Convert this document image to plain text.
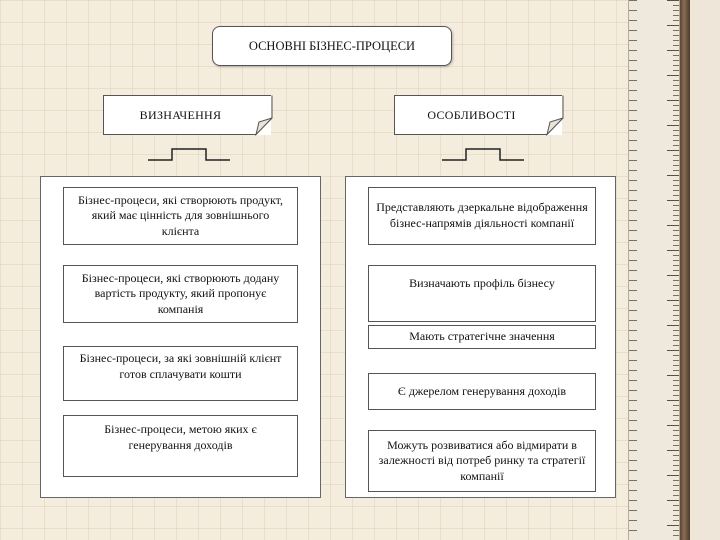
ОСНОВНІ БІЗНЕС-ПРОЦЕСИ
ВИЗНАЧЕННЯ	ОСОБЛИВОСТІ
Бізнес-процеси, які створюють продукт, який має цінність для зовнішнього клієнта
Бізнес-процеси, які створюють додану вартість продукту, який пропонує компанія
Бізнес-процеси, за які зовнішній клієнт готов сплачувати кошти
Бізнес-процеси, метою яких є генерування доходів
Представляють дзеркальне відображення бізнес-напрямів діяльності компанії
Визначають профіль бізнесу
Мають стратегічне значення
Є джерелом генерування доходів
Можуть розвиватися або відмирати в залежності від потреб ринку та стратегії компанії
